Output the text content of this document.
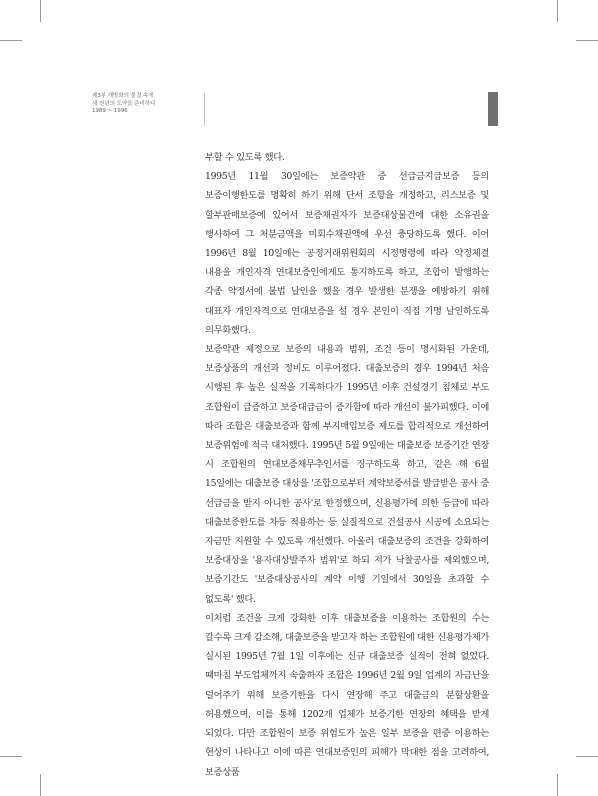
제3부 개방화의 물결 속에
새 천년의 도약을 준비하다
1989 ~ 1996

부할 수 있도록 했다.

1995년 11월 30일에는 보증약관 중 선급금지급보증 등의 보증이행한도를 명확히 하기 위해 단서 조항을 개정하고, 리스보증 및 할부판매보증에 있어서 보증채권자가 보증대상물건에 대한 소유권을 행사하여 그 처분금액을 미회수채권액에 우선 충당하도록 했다. 이어 1996년 8월 10일에는 공정거래위원회의 시정명령에 따라 약정체결 내용을 개인자격 연대보증인에게도 통지하도록 하고, 조합이 발행하는 각종 약정서에 불법 날인을 했을 경우 발생한 분쟁을 예방하기 위해 대표자 개인자격으로 연대보증을 설 경우 본인이 직접 기명 날인하도록 의무화했다.

보증약관 제정으로 보증의 내용과 범위, 조건 등이 명시화된 가운데, 보증상품의 개선과 정비도 이루어졌다. 대출보증의 경우 1994년 처음 시행된 후 높은 실적을 기록하다가 1995년 이후 건설경기 침체로 부도 조합원이 급증하고 보증대급금이 증가함에 따라 개선이 불가피했다. 이에 따라 조합은 대출보증과 함께 부지매입보증 제도를 합리적으로 개선하여 보증위험에 적극 대처했다. 1995년 5월 9일에는 대출보증 보증기간 연장 시 조합원의 연대보증채무추인서를 징구하도록 하고, 같은 해 6월 15일에는 대출보증 대상을 '조합으로부터 계약보증서를 발급받은 공사 중 선급금을 받지 아니한 공사'로 한정했으며, 신용평가에 의한 등급에 따라 대출보증한도를 차등 적용하는 등 실질적으로 건설공사 시공에 소요되는 자금만 지원할 수 있도록 개선했다. 아울러 대출보증의 조건을 강화하여 보증대상을 '용자대상발주자 범위'로 하되 저가 낙찰공사를 제외했으며, 보증기간도 '보증대상공사의 계약 이행 기일에서 30일을 초과할 수 없도록' 했다.

이처럼 조건을 크게 강화한 이후 대출보증을 이용하는 조합원의 수는 갈수록 크게 감소해, 대출보증을 받고자 하는 조합원에 대한 신용평가제가 실시된 1995년 7월 1일 이후에는 신규 대출보증 실적이 전혀 없었다. 때마침 부도업체까지 속출하자 조합은 1996년 2월 9일 업계의 자금난을 덜어주기 위해 보증기한을 다시 연장해 주고 대출금의 분할상환을 허용했으며, 이를 통해 1202개 업체가 보증기한 연장의 혜택을 받게 되었다. 다만 조합원이 보증 위험도가 높은 일부 보증을 편중 이용하는 현상이 나타나고 이에 따른 연대보증인의 피해가 막대한 점을 고려하여, 보증상품
